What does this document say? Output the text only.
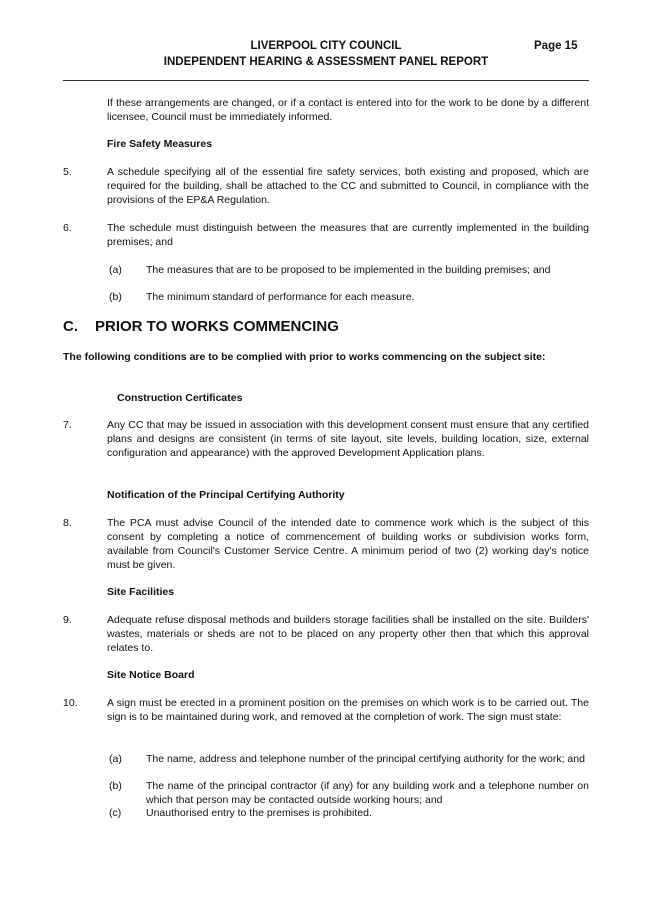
LIVERPOOL CITY COUNCIL
INDEPENDENT HEARING & ASSESSMENT PANEL REPORT
Page 15
If these arrangements are changed, or if a contact is entered into for the work to be done by a different licensee, Council must be immediately informed.
Fire Safety Measures
5.	A schedule specifying all of the essential fire safety services, both existing and proposed, which are required for the building, shall be attached to the CC and submitted to Council, in compliance with the provisions of the EP&A Regulation.
6.	The schedule must distinguish between the measures that are currently implemented in the building premises; and
(a) The measures that are to be proposed to be implemented in the building premises; and
(b) The minimum standard of performance for each measure.
C. PRIOR TO WORKS COMMENCING
The following conditions are to be complied with prior to works commencing on the subject site:
Construction Certificates
7.	Any CC that may be issued in association with this development consent must ensure that any certified plans and designs are consistent (in terms of site layout, site levels, building location, size, external configuration and appearance) with the approved Development Application plans.
Notification of the Principal Certifying Authority
8.	The PCA must advise Council of the intended date to commence work which is the subject of this consent by completing a notice of commencement of building works or subdivision works form, available from Council's Customer Service Centre. A minimum period of two (2) working day's notice must be given.
Site Facilities
9.	Adequate refuse disposal methods and builders storage facilities shall be installed on the site. Builders' wastes, materials or sheds are not to be placed on any property other then that which this approval relates to.
Site Notice Board
10.	A sign must be erected in a prominent position on the premises on which work is to be carried out. The sign is to be maintained during work, and removed at the completion of work. The sign must state:
(a) The name, address and telephone number of the principal certifying authority for the work; and
(b) The name of the principal contractor (if any) for any building work and a telephone number on which that person may be contacted outside working hours; and
(c) Unauthorised entry to the premises is prohibited.
